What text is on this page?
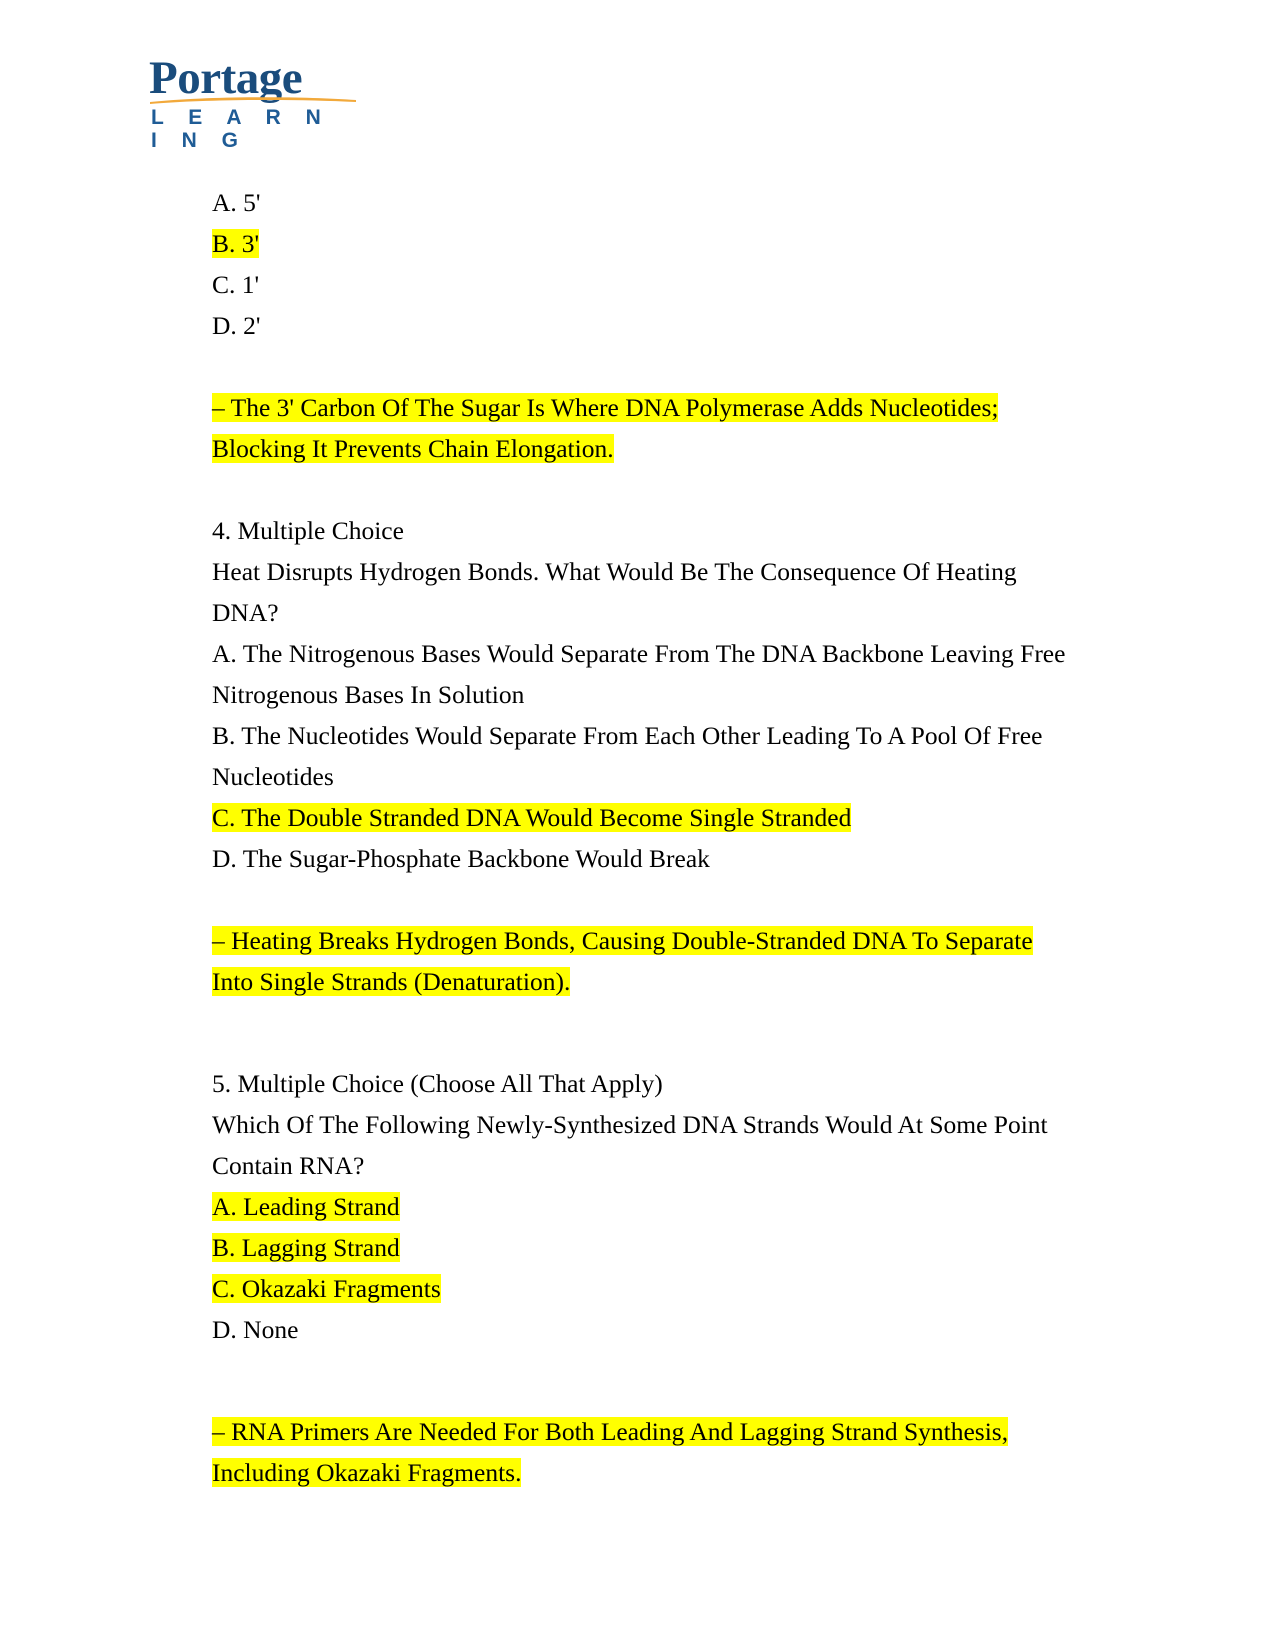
Portage
L E A R N I N G
A. 5'
B. 3'
C. 1'
D. 2'
– The 3' Carbon Of The Sugar Is Where DNA Polymerase Adds Nucleotides; Blocking It Prevents Chain Elongation.
4. Multiple Choice
Heat Disrupts Hydrogen Bonds. What Would Be The Consequence Of Heating DNA?
A. The Nitrogenous Bases Would Separate From The DNA Backbone Leaving Free Nitrogenous Bases In Solution
B. The Nucleotides Would Separate From Each Other Leading To A Pool Of Free Nucleotides
C. The Double Stranded DNA Would Become Single Stranded
D. The Sugar-Phosphate Backbone Would Break
– Heating Breaks Hydrogen Bonds, Causing Double-Stranded DNA To Separate Into Single Strands (Denaturation).
5. Multiple Choice (Choose All That Apply)
Which Of The Following Newly-Synthesized DNA Strands Would At Some Point Contain RNA?
A. Leading Strand
B. Lagging Strand
C. Okazaki Fragments
D. None
– RNA Primers Are Needed For Both Leading And Lagging Strand Synthesis, Including Okazaki Fragments.
